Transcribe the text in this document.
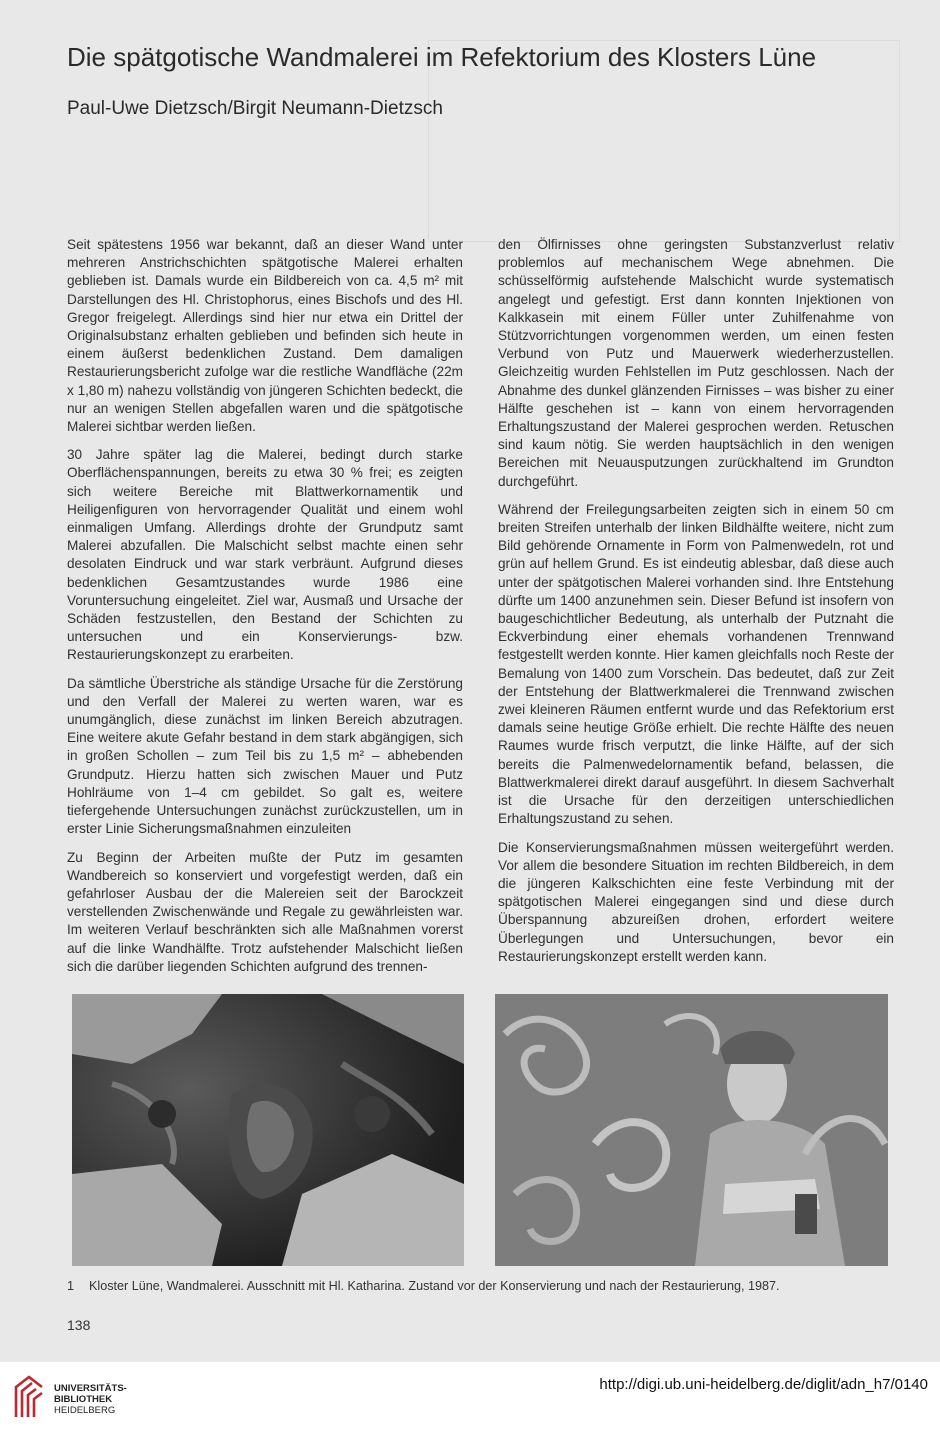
Die spätgotische Wandmalerei im Refektorium des Klosters Lüne
Paul-Uwe Dietzsch/Birgit Neumann-Dietzsch

Seit spätestens 1956 war bekannt, daß an dieser Wand unter mehreren Anstrichschichten spätgotische Malerei erhalten geblieben ist. Damals wurde ein Bildbereich von ca. 4,5 m² mit Darstellungen des Hl. Christophorus, eines Bischofs und des Hl. Gregor freigelegt. Allerdings sind hier nur etwa ein Drittel der Originalsubstanz erhalten geblieben und befinden sich heute in einem äußerst bedenklichen Zustand. Dem damaligen Restaurierungsbericht zufolge war die restliche Wandfläche (22m x 1,80 m) nahezu vollständig von jüngeren Schichten bedeckt, die nur an wenigen Stellen abgefallen waren und die spätgotische Malerei sichtbar werden ließen.

30 Jahre später lag die Malerei, bedingt durch starke Oberflächenspannungen, bereits zu etwa 30 % frei; es zeigten sich weitere Bereiche mit Blattwerkornamentik und Heiligenfiguren von hervorragender Qualität und einem wohl einmaligen Umfang. Allerdings drohte der Grundputz samt Malerei abzufallen. Die Malschicht selbst machte einen sehr desolaten Eindruck und war stark verbräunt. Aufgrund dieses bedenklichen Gesamtzustandes wurde 1986 eine Voruntersuchung eingeleitet. Ziel war, Ausmaß und Ursache der Schäden festzustellen, den Bestand der Schichten zu untersuchen und ein Konservierungs- bzw. Restaurierungskonzept zu erarbeiten.

Da sämtliche Überstriche als ständige Ursache für die Zerstörung und den Verfall der Malerei zu werten waren, war es unumgänglich, diese zunächst im linken Bereich abzutragen. Eine weitere akute Gefahr bestand in dem stark abgängigen, sich in großen Schollen – zum Teil bis zu 1,5 m² – abhebenden Grundputz. Hierzu hatten sich zwischen Mauer und Putz Hohlräume von 1–4 cm gebildet. So galt es, weitere tiefergehende Untersuchungen zunächst zurückzustellen, um in erster Linie Sicherungsmaßnahmen einzuleiten

Zu Beginn der Arbeiten mußte der Putz im gesamten Wandbereich so konserviert und vorgefestigt werden, daß ein gefahrloser Ausbau der die Malereien seit der Barockzeit verstellenden Zwischenwände und Regale zu gewährleisten war. Im weiteren Verlauf beschränkten sich alle Maßnahmen vorerst auf die linke Wandhälfte. Trotz aufstehender Malschicht ließen sich die darüber liegenden Schichten aufgrund des trennen-

den Ölfirnisses ohne geringsten Substanzverlust relativ problemlos auf mechanischem Wege abnehmen. Die schüsselförmig aufstehende Malschicht wurde systematisch angelegt und gefestigt. Erst dann konnten Injektionen von Kalkkasein mit einem Füller unter Zuhilfenahme von Stützvorrichtungen vorgenommen werden, um einen festen Verbund von Putz und Mauerwerk wiederherzustellen. Gleichzeitig wurden Fehlstellen im Putz geschlossen. Nach der Abnahme des dunkel glänzenden Firnisses – was bisher zu einer Hälfte geschehen ist – kann von einem hervorragenden Erhaltungszustand der Malerei gesprochen werden. Retuschen sind kaum nötig. Sie werden hauptsächlich in den wenigen Bereichen mit Neuausputzungen zurückhaltend im Grundton durchgeführt.

Während der Freilegungsarbeiten zeigten sich in einem 50 cm breiten Streifen unterhalb der linken Bildhälfte weitere, nicht zum Bild gehörende Ornamente in Form von Palmenwedeln, rot und grün auf hellem Grund. Es ist eindeutig ablesbar, daß diese auch unter der spätgotischen Malerei vorhanden sind. Ihre Entstehung dürfte um 1400 anzunehmen sein. Dieser Befund ist insofern von baugeschichtlicher Bedeutung, als unterhalb der Putznaht die Eckverbindung einer ehemals vorhandenen Trennwand festgestellt werden konnte. Hier kamen gleichfalls noch Reste der Bemalung von 1400 zum Vorschein. Das bedeutet, daß zur Zeit der Entstehung der Blattwerkmalerei die Trennwand zwischen zwei kleineren Räumen entfernt wurde und das Refektorium erst damals seine heutige Größe erhielt. Die rechte Hälfte des neuen Raumes wurde frisch verputzt, die linke Hälfte, auf der sich bereits die Palmenwedelornamentik befand, belassen, die Blattwerkmalerei direkt darauf ausgeführt. In diesem Sachverhalt ist die Ursache für den derzeitigen unterschiedlichen Erhaltungszustand zu sehen.

Die Konservierungsmaßnahmen müssen weitergeführt werden. Vor allem die besondere Situation im rechten Bildbereich, in dem die jüngeren Kalkschichten eine feste Verbindung mit der spätgotischen Malerei eingegangen sind und diese durch Überspannung abzureißen drohen, erfordert weitere Überlegungen und Untersuchungen, bevor ein Restaurierungskonzept erstellt werden kann.

1 Kloster Lüne, Wandmalerei. Ausschnitt mit Hl. Katharina. Zustand vor der Konservierung und nach der Restaurierung, 1987.
138
UNIVERSITÄTS-
BIBLIOTHEK
HEIDELBERG
http://digi.ub.uni-heidelberg.de/diglit/adn_h7/0140
